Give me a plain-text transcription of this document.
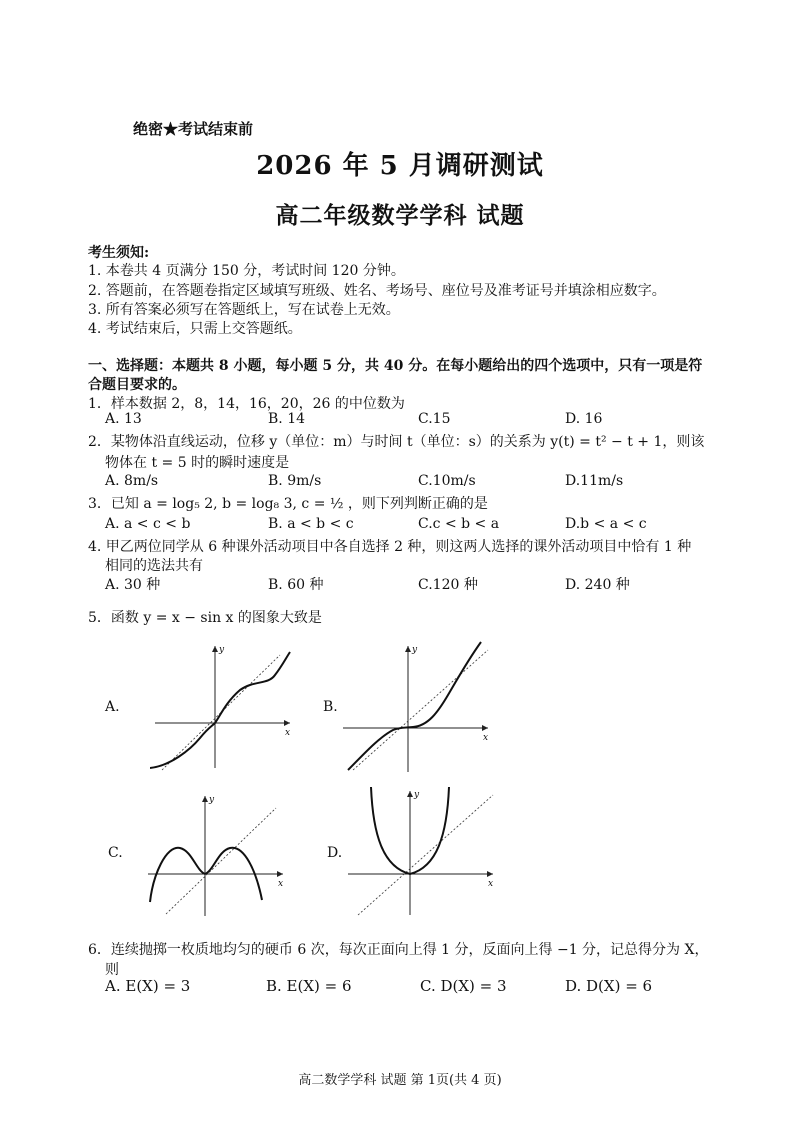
绝密★考试结束前
2026 年 5 月调研测试
高二年级数学学科 试题
考生须知:
1. 本卷共 4 页满分 150 分，考试时间 120 分钟。
2. 答题前，在答题卷指定区域填写班级、姓名、考场号、座位号及准考证号并填涂相应数字。
3. 所有答案必须写在答题纸上，写在试卷上无效。
4. 考试结束后，只需上交答题纸。
一、选择题：本题共 8 小题，每小题 5 分，共 40 分。在每小题给出的四个选项中，只有一项是符
合题目要求的。
1．样本数据 2，8，14，16，20，26 的中位数为
A. 13	B. 14	C.15	D. 16
2．某物体沿直线运动，位移 y（单位：m）与时间 t（单位：s）的关系为 y(t) = t² − t + 1，则该
物体在 t = 5 时的瞬时速度是
A. 8m/s	B. 9m/s	C.10m/s	D.11m/s
3．已知 a = log₅ 2, b = log₈ 3, c = ½ ，则下列判断正确的是
A. a < c < b	B. a < b < c	C.c < b < a	D.b < a < c
4. 甲乙两位同学从 6 种课外活动项目中各自选择 2 种，则这两人选择的课外活动项目中恰有 1 种
相同的选法共有
A. 30 种	B. 60 种	C.120 种	D. 240 种
5．函数 y = x − sin x 的图象大致是
A.	B.
C.	D.
x
y
x
y
x
y
x
y
6．连续抛掷一枚质地均匀的硬币 6 次，每次正面向上得 1 分，反面向上得 −1 分，记总得分为 X，
则
A. E(X) = 3	B. E(X) = 6	C. D(X) = 3	D. D(X) = 6
高二数学学科 试题 第 1页(共 4 页)
